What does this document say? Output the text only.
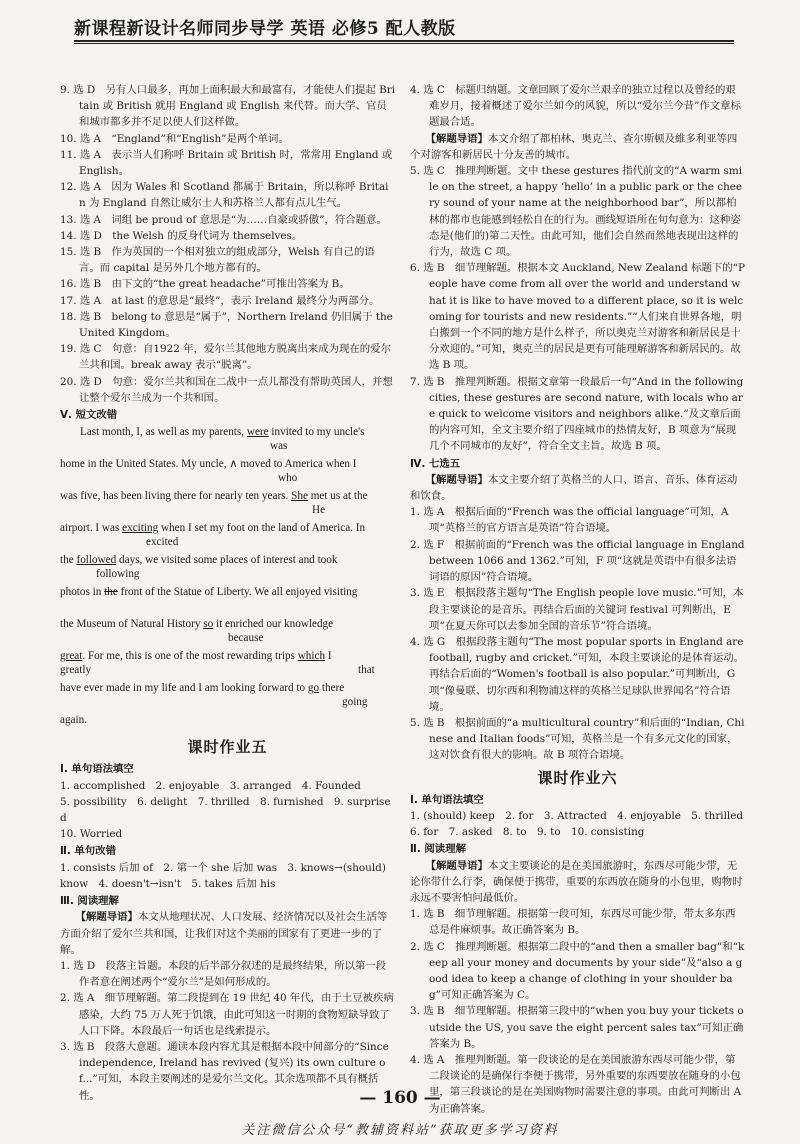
新课程新设计名师同步导学 英语 必修5 配人教版

9. 选 D　另有人口最多，再加上面积最大和最富有，才能使人们提起 Britain 或 British 就用 England 或 English 来代替。而大学、官员和城市都多并不足以使人们这样做。

10. 选 A　“England”和“English”是两个单词。

11. 选 A　表示当人们称呼 Britain 或 British 时，常常用 England 或 English。

12. 选 A　因为 Wales 和 Scotland 都属于 Britain，所以称呼 Britain 为 England 自然让威尔士人和苏格兰人都有点儿生气。

13. 选 A　词组 be proud of 意思是“为……自豪或骄傲”，符合题意。

14. 选 D　the Welsh 的反身代词为 themselves。

15. 选 B　作为英国的一个相对独立的组成部分，Welsh 有自己的语言。而 capital 是另外几个地方都有的。

16. 选 B　由下文的“the great headache”可推出答案为 B。

17. 选 A　at last 的意思是“最终”，表示 Ireland 最终分为两部分。

18. 选 B　belong to 意思是“属于”，Northern Ireland 仍旧属于 the United Kingdom。

19. 选 C　句意：自1922 年，爱尔兰其他地方脱离出来成为现在的爱尔兰共和国。break away 表示“脱离”。

20. 选 D　句意：爱尔兰共和国在二战中一点儿都没有帮助英国人，并想让整个爱尔兰成为一个共和国。

Ⅴ. 短文改错
Last month, I, as well as my parents, were invited to my uncle's
was
home in the United States. My uncle, ∧ moved to America when I
who
was five, has been living there for nearly ten years. She met us at the
He
airport. I was exciting when I set my foot on the land of America. In
excited
the followed days, we visited some places of interest and took
following
photos in the front of the Statue of Liberty. We all enjoyed visiting
the Museum of Natural History so it enriched our knowledge
because
great. For me, this is one of the most rewarding trips which I
greatly	that
have ever made in my life and I am looking forward to go there
going
again.
课时作业五
Ⅰ. 单句语法填空

1. accomplished　2. enjoyable　3. arranged　4. Founded

5. possibility　6. delight　7. thrilled　8. furnished　9. surprised

10. Worried

Ⅱ. 单句改错

1. consists 后加 of　2. 第一个 she 后加 was　3. knows→(should) know　4. doesn't→isn't　5. takes 后加 his

Ⅲ. 阅读理解

【解题导语】本文从地理状况、人口发展、经济情况以及社会生活等方面介绍了爱尔兰共和国，让我们对这个美丽的国家有了更进一步的了解。

1. 选 D　段落主旨题。本段的后半部分叙述的是最终结果，所以第一段作者意在阐述两个“爱尔兰”是如何形成的。

2. 选 A　细节理解题。第二段提到在 19 世纪 40 年代，由于土豆被疾病感染，大约 75 万人死于饥饿，由此可知这一时期的食物短缺导致了人口下降。本段最后一句话也是线索提示。

3. 选 B　段落大意题。通读本段内容尤其是根据本段中间部分的“Since independence, Ireland has revived (复兴) its own culture of...”可知，本段主要阐述的是爱尔兰文化。其余选项都不具有概括性。

4. 选 C　标题归纳题。文章回顾了爱尔兰艰辛的独立过程以及曾经的艰难岁月，接着概述了爱尔兰如今的风貌，所以“爱尔兰今昔”作文章标题最合适。

【解题导语】本文介绍了都柏林、奥克兰、查尔斯顿及維多利亚等四个对游客和新居民十分友善的城市。

5. 选 C　推理判断题。文中 these gestures 指代前文的“A warm smile on the street, a happy ‘hello’ in a public park or the cheery sound of your name at the neighborhood bar”，所以都柏林的都市也能感到轻松自在的行为。画线短语所在句句意为：这种姿态是(他们的)第二天性。由此可知，他们会自然而然地表现出这样的行为，故选 C 项。

6. 选 B　细节理解题。根据本文 Auckland, New Zealand 标题下的“People have come from all over the world and understand what it is like to have moved to a different place, so it is welcoming for tourists and new residents.”“人们来自世界各地，明白搬到一个不同的地方是什么样子，所以奥克兰对游客和新居民是十分欢迎的。”可知，奥克兰的居民是更有可能理解游客和新居民的。故选 B 项。

7. 选 B　推理判断题。根据文章第一段最后一句“And in the following cities, these gestures are second nature, with locals who are quick to welcome visitors and neighbors alike.”及文章后面的内容可知，全文主要介绍了四座城市的热情友好，B 项意为“展现几个不同城市的友好”，符合全文主旨。故选 B 项。

Ⅳ. 七选五

【解题导语】本文主要介绍了英格兰的人口、语言、音乐、体育运动和饮食。

1. 选 A　根据后面的“French was the official language”可知，A 项“英格兰的官方语言是英语”符合语境。

2. 选 F　根据前面的“French was the official language in England between 1066 and 1362.”可知，F 项“这就是英语中有很多法语词语的原因”符合语境。

3. 选 E　根据段落主题句“The English people love music.”可知，本段主要谈论的是音乐。再结合后面的关键词 festival 可判断出，E 项“在夏天你可以去参加全国的音乐节”符合语境。

4. 选 G　根据段落主题句“The most popular sports in England are football, rugby and cricket.”可知，本段主要谈论的是体育运动。再结合后面的“Women's football is also popular.”可判断出，G 项“像曼联、切尔西和利物浦这样的英格兰足球队世界闻名”符合语境。

5. 选 B　根据前面的“a multicultural country”和后面的“Indian, Chinese and Italian foods”可知，英格兰是一个有多元文化的国家，这对饮食有很大的影响。故 B 项符合语境。

课时作业六
Ⅰ. 单句语法填空

1. (should) keep　2. for　3. Attracted　4. enjoyable　5. thrilled

6. for　7. asked　8. to　9. to　10. consisting

Ⅱ. 阅读理解

【解题导语】本文主要谈论的是在美国旅游时，东西尽可能少带，无论你带什么行李，确保便于携带，重要的东西放在随身的小包里，购物时永远不要害怕问最低价。

1. 选 B　细节理解题。根据第一段可知，东西尽可能少带，带太多东西总是件麻烦事。故正确答案为 B。

2. 选 C　推理判断题。根据第二段中的“and then a smaller bag”和“keep all your money and documents by your side”及“also a good idea to keep a change of clothing in your shoulder bag”可知正确答案为 C。

3. 选 B　细节理解题。根据第三段中的“when you buy your tickets outside the US, you save the eight percent sales tax”可知正确答案为 B。

4. 选 A　推理判断题。第一段谈论的是在美国旅游东西尽可能少带，第二段谈论的是确保行李便于携带，另外重要的东西要放在随身的小包里，第三段谈论的是在美国购物时需要注意的事项。由此可判断出 A 为正确答案。

— 160 —
关注微信公众号“教辅资料站”获取更多学习资料
